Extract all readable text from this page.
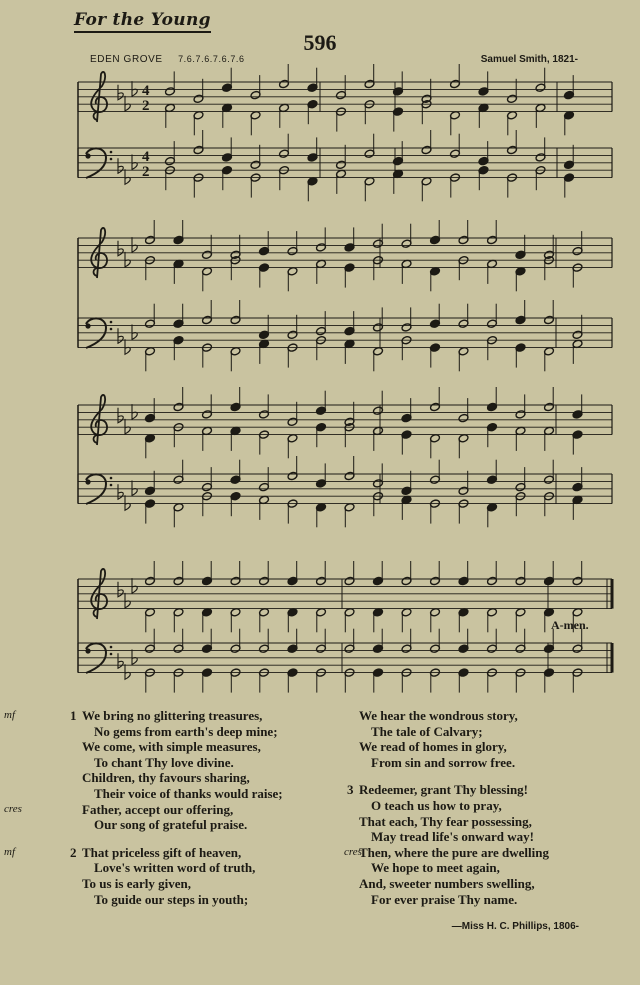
For the Young
596
EDEN GROVE 7.6.7.6.7.6.7.6	Samuel Smith, 1821-
4
2
4
2
A-men.
mf	1 We bring no glittering treasures,
No gems from earth's deep mine;
We come, with simple measures,
To chant Thy love divine.
Children, thy favours sharing,
Their voice of thanks would raise;
cres	Father, accept our offering,
Our song of grateful praise.
mf	2 That priceless gift of heaven,
Love's written word of truth,
To us is early given,
To guide our steps in youth;
We hear the wondrous story,
The tale of Calvary;
We read of homes in glory,
From sin and sorrow free.
3 Redeemer, grant Thy blessing!
O teach us how to pray,
That each, Thy fear possessing,
May tread life's onward way!
cres
Then, where the pure are dwelling
We hope to meet again,
And, sweeter numbers swelling,
For ever praise Thy name.
—Miss H. C. Phillips, 1806-
